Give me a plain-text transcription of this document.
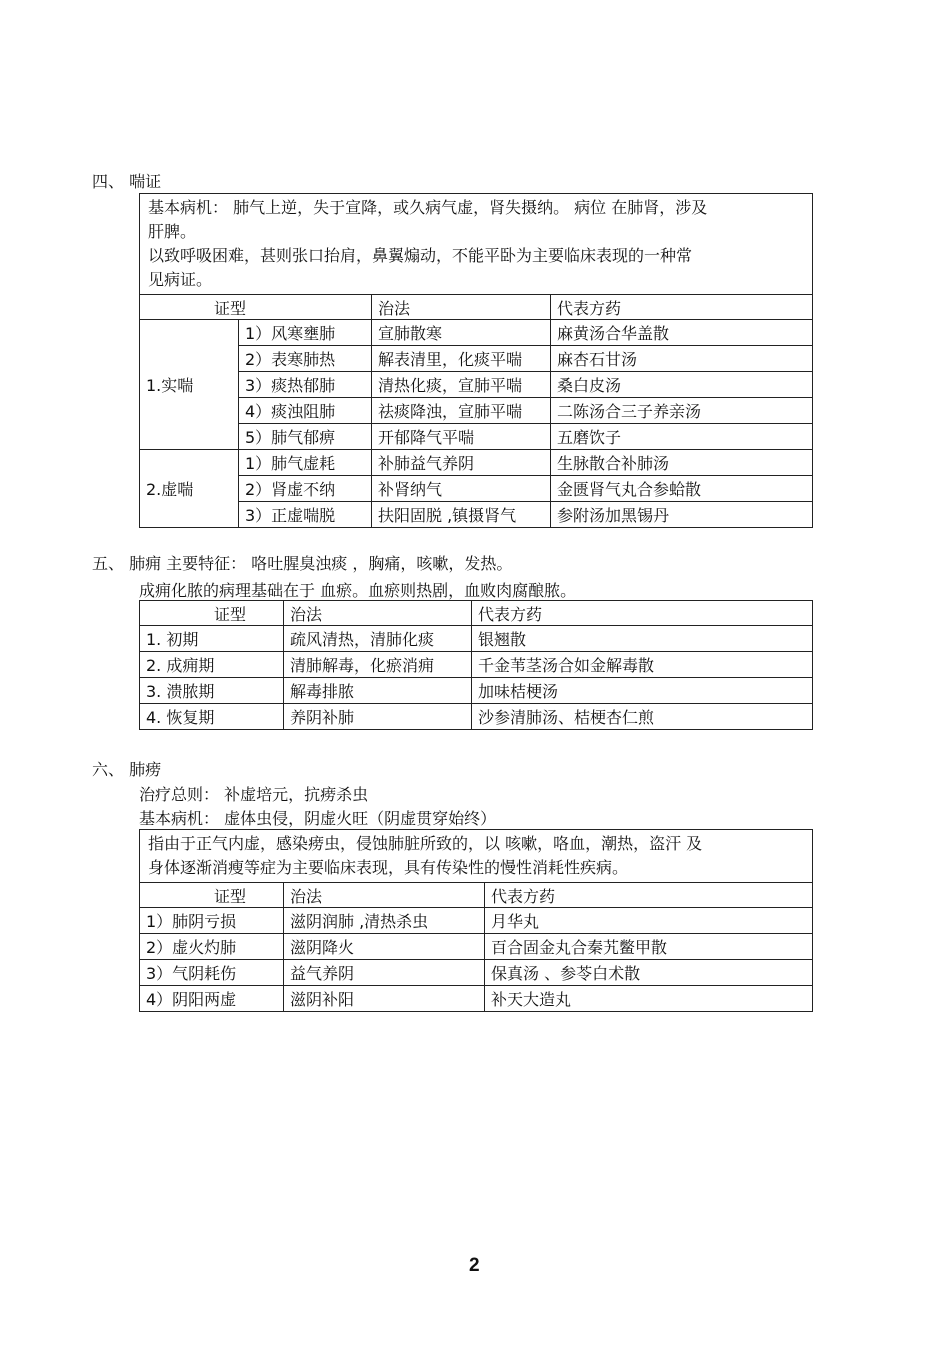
四、 喘证
基本病机： 肺气上逆，失于宣降，或久病气虚，肾失摄纳。 病位 在肺肾，涉及
肝脾。
以致呼吸困难，甚则张口抬肩，鼻翼煽动，不能平卧为主要临床表现的一种常
见病证。			

证型		治法	代表方药
1.实喘	1）风寒壅肺	宣肺散寒	麻黄汤合华盖散
	2）表寒肺热	解表清里，化痰平喘	麻杏石甘汤
	3）痰热郁肺	清热化痰，宣肺平喘	桑白皮汤
	4）痰浊阻肺	祛痰降浊，宣肺平喘	二陈汤合三子养亲汤
	5）肺气郁痹	开郁降气平喘	五磨饮子
2.虚喘	1）肺气虚耗	补肺益气养阴	生脉散合补肺汤
	2）肾虚不纳	补肾纳气	金匮肾气丸合参蛤散
	3）正虚喘脱	扶阳固脱 ,镇摄肾气	参附汤加黑锡丹
五、 肺痈 主要特征： 咯吐腥臭浊痰 ，胸痛，咳嗽，发热。
成痈化脓的病理基础在于 血瘀。血瘀则热剧，血败肉腐酿脓。
证型	治法	代表方药
1. 初期	疏风清热，清肺化痰	银翘散
2. 成痈期	清肺解毒，化瘀消痈	千金苇茎汤合如金解毒散
3. 溃脓期	解毒排脓	加味桔梗汤
4. 恢复期	养阴补肺	沙参清肺汤、桔梗杏仁煎
六、 肺痨
治疗总则： 补虚培元，抗痨杀虫
基本病机： 虚体虫侵，阴虚火旺（阴虚贯穿始终）
指由于正气内虚，感染痨虫，侵蚀肺脏所致的，以 咳嗽，咯血，潮热，盗汗 及
身体逐渐消瘦等症为主要临床表现，具有传染性的慢性消耗性疾病。		

证型	治法	代表方药
1）肺阴亏损	滋阴润肺 ,清热杀虫	月华丸
2）虚火灼肺	滋阴降火	百合固金丸合秦艽鳖甲散
3）气阴耗伤	益气养阴	保真汤 、参苓白术散
4）阴阳两虚	滋阴补阳	补天大造丸
2
